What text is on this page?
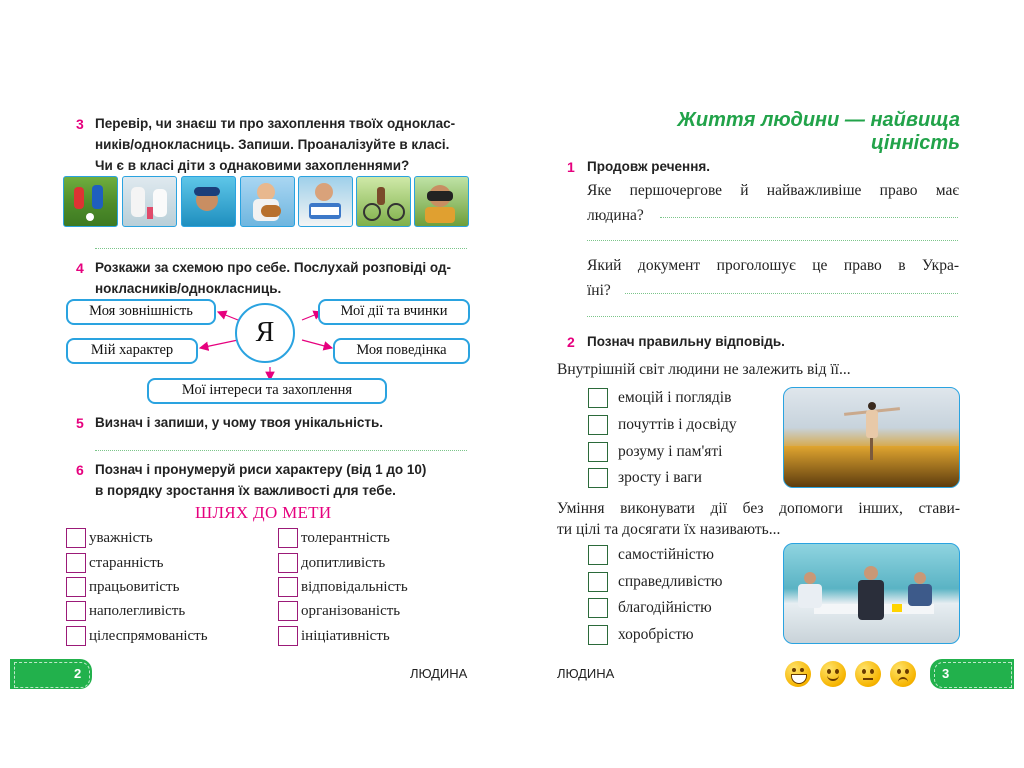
3 Перевір, чи знаєш ти про захоплення твоїх однoклас-
ників/однокласниць. Запиши. Проаналізуйте в класі.
Чи є в класі діти з однаковими захопленнями?
4 Розкажи за схемою про себе. Послухай розповіді од-
нокласників/однокласниць.
Моя зовнішність	Мої дії та вчинки
Мій характер	Моя поведінка
Мої інтереси та захоплення
Я
5 Визнач і запиши, у чому твоя унікальність.
6 Познач і пронумеруй риси характеру (від 1 до 10)
в порядку зростання їх важливості для тебе.
ШЛЯХ ДО МЕТИ
уважність
старанність
працьовитість
наполегливість
цілеспрямованість
толерантність
допитливість
відповідальність
організованість
ініціативність
2	ЛЮДИНА
Життя людини — найвища цінність
1 Продовж речення.
Яке першочергове й найважливіше право має
людина?
Який документ проголошує це право в Укра-
їні?
2 Познач правильну відповідь.
Внутрішній світ людини не залежить від її...
емоцій і поглядів
почуттів і досвіду
розуму і пам'яті
зросту і ваги
Уміння виконувати дії без допомоги інших, стави-
ти цілі та досягати їх називають...
самостійністю
справедливістю
благодійністю
хоробрістю
ЛЮДИНА	3
